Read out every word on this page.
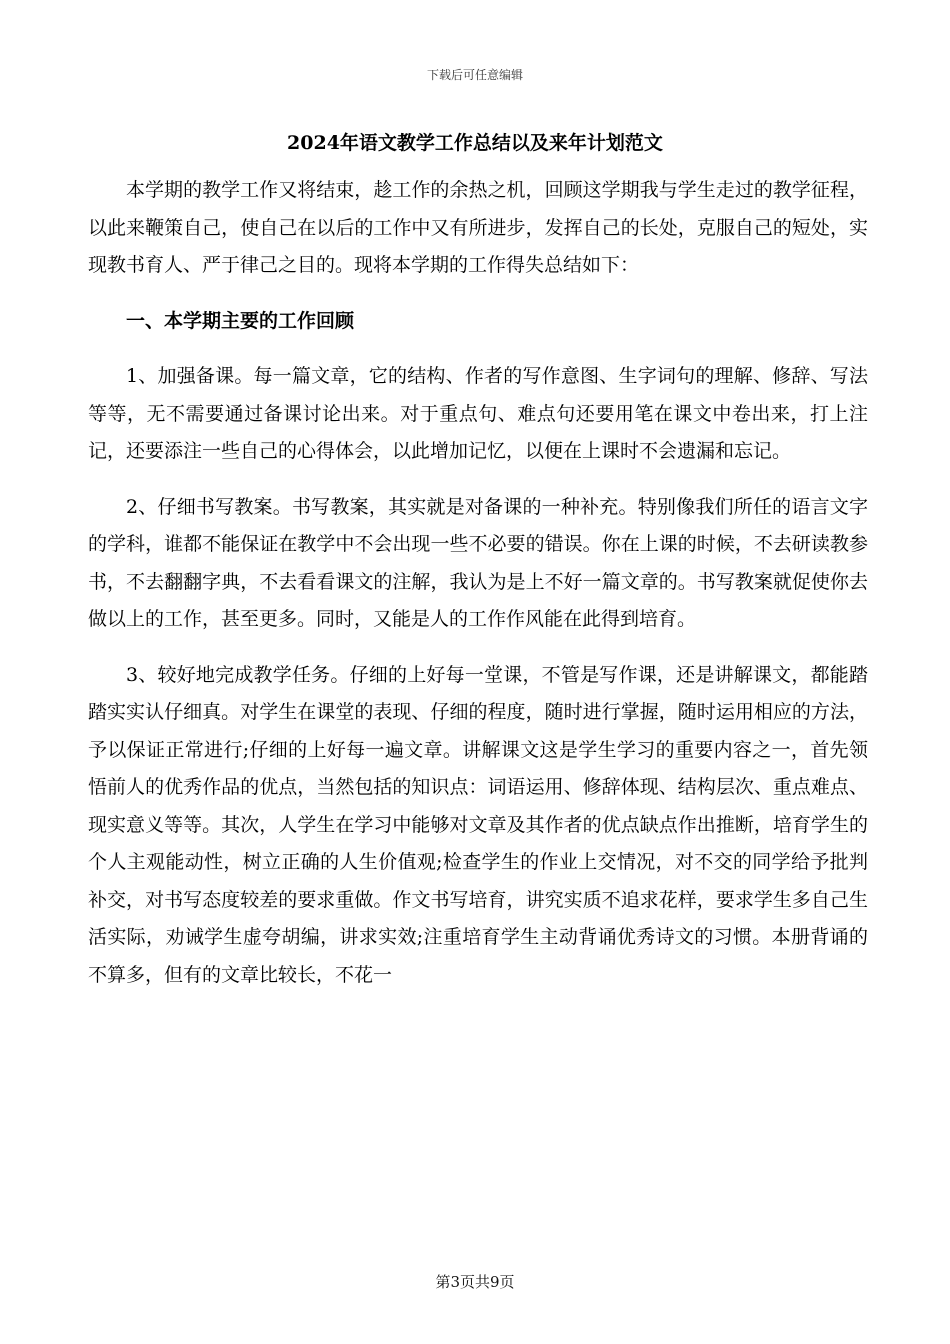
下载后可任意编辑
2024年语文教学工作总结以及来年计划范文

本学期的教学工作又将结束，趁工作的余热之机，回顾这学期我与学生走过的教学征程，以此来鞭策自己，使自己在以后的工作中又有所进步，发挥自己的长处，克服自己的短处，实现教书育人、严于律己之目的。现将本学期的工作得失总结如下：

一、本学期主要的工作回顾

1、加强备课。每一篇文章，它的结构、作者的写作意图、生字词句的理解、修辞、写法等等，无不需要通过备课讨论出来。对于重点句、难点句还要用笔在课文中卷出来，打上注记，还要添注一些自己的心得体会，以此增加记忆，以便在上课时不会遗漏和忘记。

2、仔细书写教案。书写教案，其实就是对备课的一种补充。特别像我们所任的语言文字的学科，谁都不能保证在教学中不会出现一些不必要的错误。你在上课的时候，不去研读教参书，不去翻翻字典，不去看看课文的注解，我认为是上不好一篇文章的。书写教案就促使你去做以上的工作，甚至更多。同时，又能是人的工作作风能在此得到培育。

3、较好地完成教学任务。仔细的上好每一堂课，不管是写作课，还是讲解课文，都能踏踏实实认仔细真。对学生在课堂的表现、仔细的程度，随时进行掌握，随时运用相应的方法，予以保证正常进行;仔细的上好每一遍文章。讲解课文这是学生学习的重要内容之一，首先领悟前人的优秀作品的优点，当然包括的知识点：词语运用、修辞体现、结构层次、重点难点、现实意义等等。其次，人学生在学习中能够对文章及其作者的优点缺点作出推断，培育学生的个人主观能动性，树立正确的人生价值观;检查学生的作业上交情况，对不交的同学给予批判补交，对书写态度较差的要求重做。作文书写培育，讲究实质不追求花样，要求学生多自己生活实际，劝诫学生虚夸胡编，讲求实效;注重培育学生主动背诵优秀诗文的习惯。本册背诵的不算多，但有的文章比较长，不花一

第3页共9页
